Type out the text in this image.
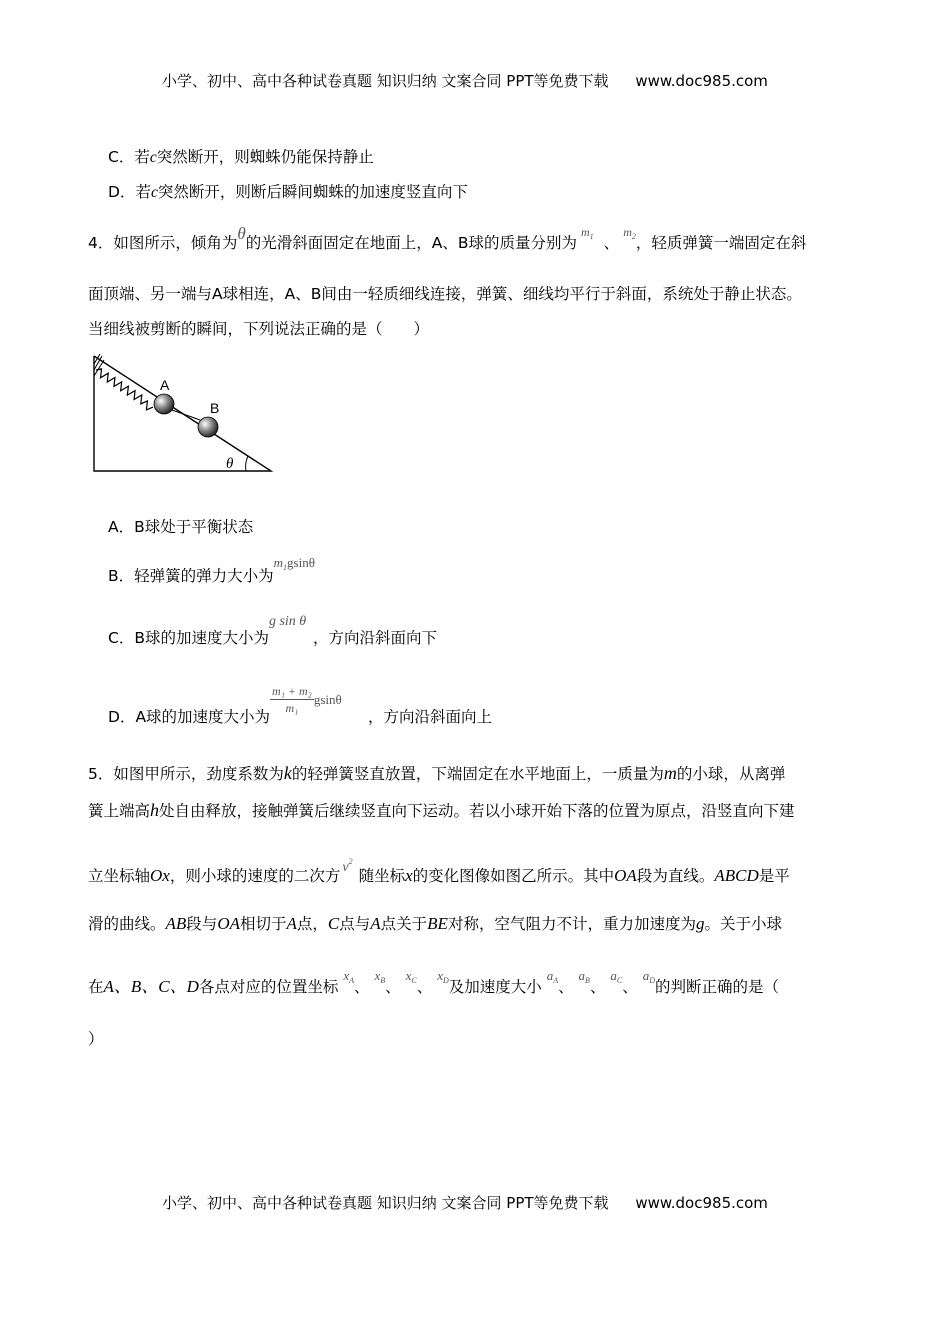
小学、初中、高中各种试卷真题 知识归纳 文案合同 PPT等免费下载 www.doc985.com
C．若c突然断开，则蜘蛛仍能保持静止
D．若c突然断开，则断后瞬间蜘蛛的加速度竖直向下
4．如图所示，倾角为θ的光滑斜面固定在地面上，A、B球的质量分别为$^{m_1}$ 、$^{m_2}$，轻质弹簧一端固定在斜
面顶端、另一端与A球相连，A、B间由一轻质细线连接，弹簧、细线均平行于斜面，系统处于静止状态。
当细线被剪断的瞬间，下列说法正确的是（　　）
A
B
θ
A．B球处于平衡状态
B．轻弹簧的弹力大小为$^{m_1gsin\theta}$
C．B球的加速度大小为g sin θ，方向沿斜面向下
D．A球的加速度大小为
$\frac{\text{m₁ + m₂}}{\text{m₁}}$ gsinθ，方向沿斜面向上
5．如图甲所示，劲度系数为k的轻弹簧竖直放置，下端固定在水平地面上，一质量为m的小球，从离弹
簧上端高h处自由释放，接触弹簧后继续竖直向下运动。若以小球开始下落的位置为原点，沿竖直向下建
立坐标轴Ox，则小球的速度的二次方 $v^2$随坐标x的变化图像如图乙所示。其中OA段为直线。ABCD是平
滑的曲线。AB段与OA相切于A点，C点与A点关于BE对称，空气阻力不计，重力加速度为g。关于小球
在A、B、C、D各点对应的位置坐标 $^{x_A}$、 $^{x_B}$、 $^{x_C}$、 $^{x_D}$及加速度大小 $^{a_A}$、 $^{a_B}$、 $^{a_C}$、 $^{a_D}$的判断正确的是（
）
小学、初中、高中各种试卷真题 知识归纳 文案合同 PPT等免费下载 www.doc985.com
